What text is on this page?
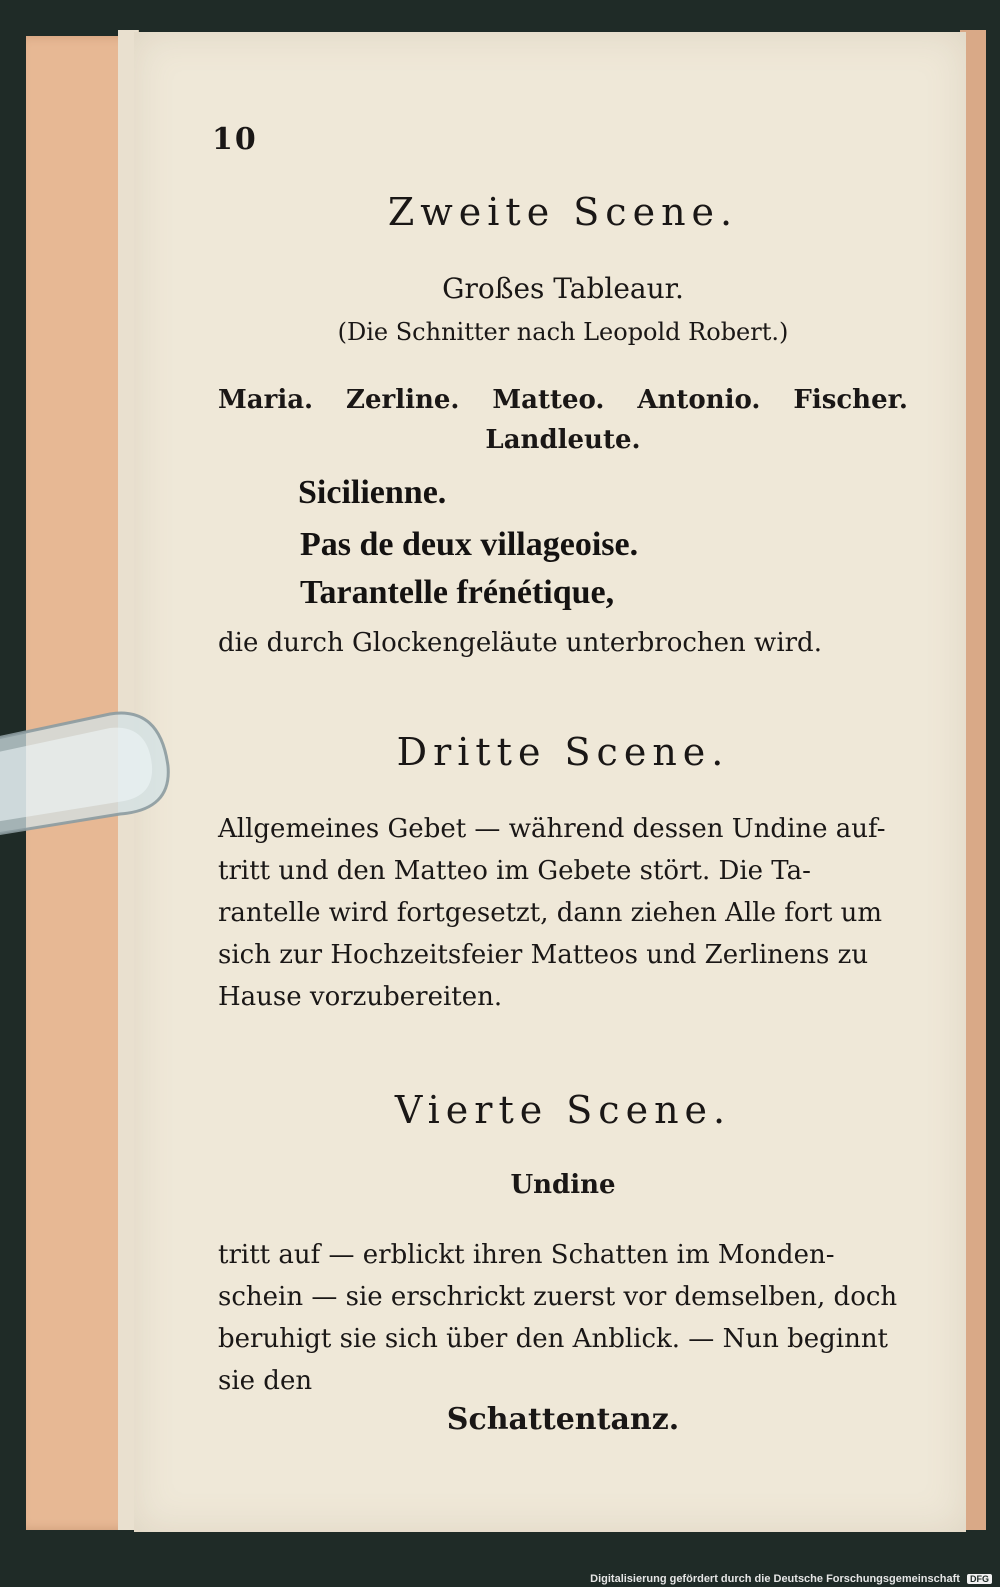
10
Zweite Scene.
Großes Tableaur.
(Die Schnitter nach Leopold Robert.)
Maria. Zerline. Matteo. Antonio. Fischer.
Landleute.
Sicilienne.
Pas de deux villageoise.
Tarantelle frénétique,
die durch Glockengeläute unterbrochen wird.
Dritte Scene.
Allgemeines Gebet — während dessen Undine auf-
tritt und den Matteo im Gebete stört. Die Ta-
rantelle wird fortgesetzt, dann ziehen Alle fort um
sich zur Hochzeitsfeier Matteos und Zerlinens zu
Hause vorzubereiten.
Vierte Scene.
Undine
tritt auf — erblickt ihren Schatten im Monden-
schein — sie erschrickt zuerst vor demselben, doch
beruhigt sie sich über den Anblick. — Nun beginnt
sie den
Schattentanz.
Digitalisierung gefördert durch die Deutsche Forschungsgemeinschaft DFG
